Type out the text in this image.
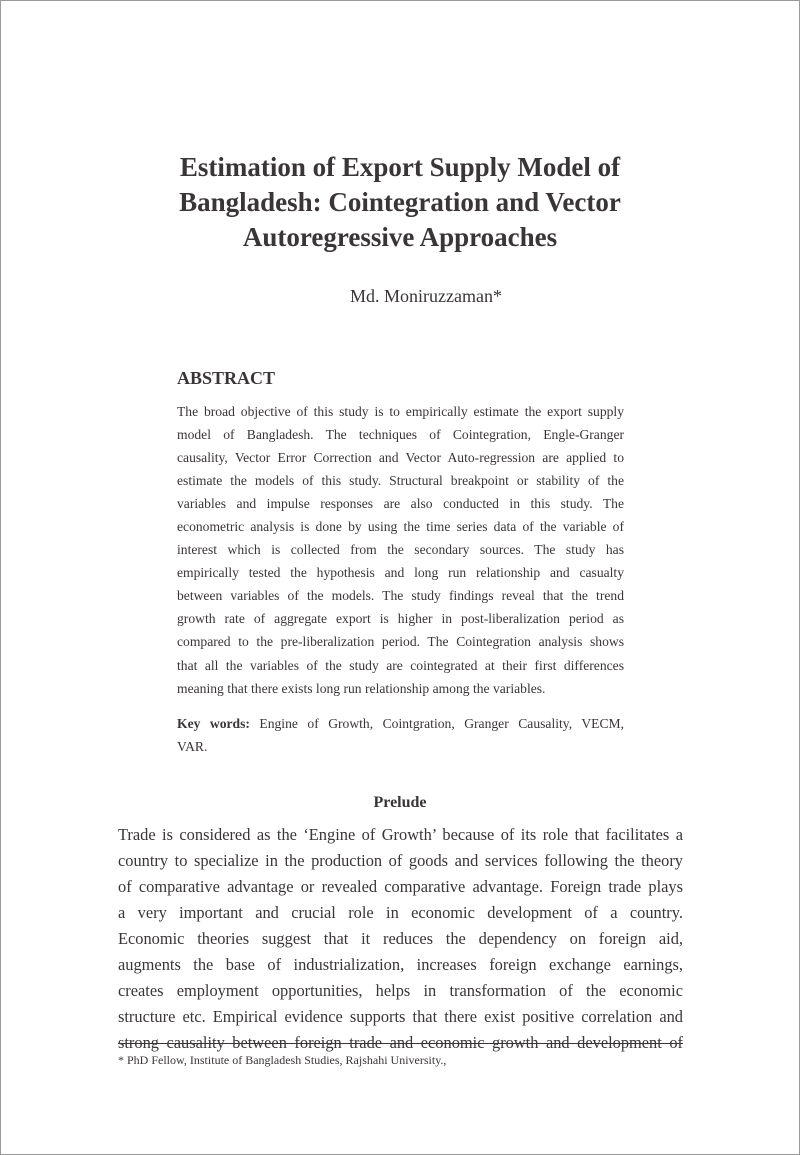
Estimation of Export Supply Model of
Bangladesh: Cointegration and Vector
Autoregressive Approaches
Md. Moniruzzaman*
ABSTRACT
The broad objective of this study is to empirically estimate the export supply
model of Bangladesh. The techniques of Cointegration, Engle-Granger
causality, Vector Error Correction and Vector Auto-regression are applied to
estimate the models of this study. Structural breakpoint or stability of the
variables and impulse responses are also conducted in this study. The
econometric analysis is done by using the time series data of the variable of
interest which is collected from the secondary sources. The study has
empirically tested the hypothesis and long run relationship and casualty
between variables of the models. The study findings reveal that the trend
growth rate of aggregate export is higher in post-liberalization period as
compared to the pre-liberalization period. The Cointegration analysis shows
that all the variables of the study are cointegrated at their first differences
meaning that there exists long run relationship among the variables.
Key words: Engine of Growth, Cointgration, Granger Causality, VECM,
VAR.
Prelude
Trade is considered as the ‘Engine of Growth’ because of its role that facilitates a
country to specialize in the production of goods and services following the theory
of comparative advantage or revealed comparative advantage. Foreign trade plays
a very important and crucial role in economic development of a country.
Economic theories suggest that it reduces the dependency on foreign aid,
augments the base of industrialization, increases foreign exchange earnings,
creates employment opportunities, helps in transformation of the economic
structure etc. Empirical evidence supports that there exist positive correlation and
strong causality between foreign trade and economic growth and development of
* PhD Fellow, Institute of Bangladesh Studies, Rajshahi University.,
